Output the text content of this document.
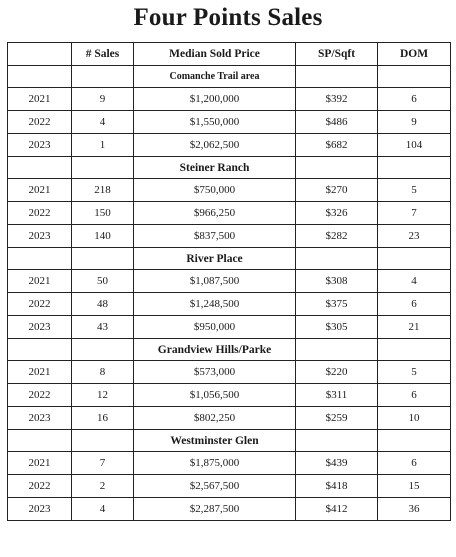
Four Points Sales
	# Sales	Median Sold Price	SP/Sqft	DOM
		Comanche Trail area		
2021	9	$1,200,000	$392	6
2022	4	$1,550,000	$486	9
2023	1	$2,062,500	$682	104
		Steiner Ranch		
2021	218	$750,000	$270	5
2022	150	$966,250	$326	7
2023	140	$837,500	$282	23
		River Place		
2021	50	$1,087,500	$308	4
2022	48	$1,248,500	$375	6
2023	43	$950,000	$305	21
		Grandview Hills/Parke		
2021	8	$573,000	$220	5
2022	12	$1,056,500	$311	6
2023	16	$802,250	$259	10
		Westminster Glen		
2021	7	$1,875,000	$439	6
2022	2	$2,567,500	$418	15
2023	4	$2,287,500	$412	36
